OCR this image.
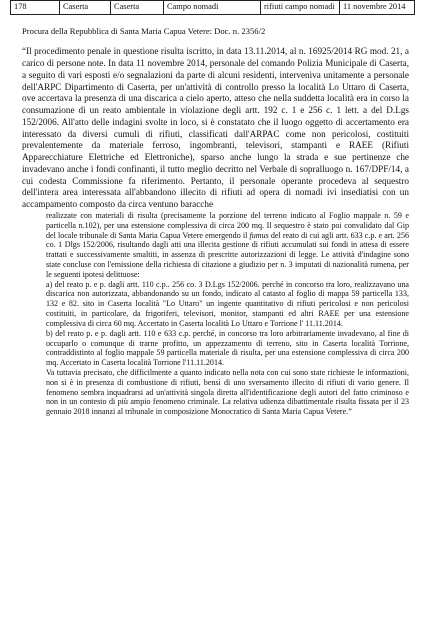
178	Caserta	Caserta	Campo nomadi	rifiuti campo nomadi	11 novembre 2014
Procura della Repubblica di Santa Maria Capua Vetere: Doc. n. 2356/2
“Il procedimento penale in questione risulta iscritto, in data 13.11.2014, al n. 16925/2014 RG mod. 21, a carico di persone note. In data 11 novembre 2014, personale del comando Polizia Municipale di Caserta, a seguito di vari esposti e/o segnalazioni da parte di alcuni residenti, interveniva unitamente a personale dell'ARPC Dipartimento di Caserta, per un'attività di controllo presso la località Lo Uttaro di Caserta, ove accertava la presenza di una discarica a cielo aperto, atteso che nella suddetta località era in corso la consumazione di un reato ambientale in violazione degli artt. 192 c. 1 e 256 c. 1 lett. a del D.Lgs 152/2006. All'atto delle indagini svolte in loco, si è constatato che il luogo oggetto di accertamento era interessato da diversi cumuli di rifiuti, classificati dall'ARPAC come non pericolosi, costituiti prevalentemente da materiale ferroso, ingombranti, televisori, stampanti e RAEE (Rifiuti Apparecchiature Elettriche ed Elettroniche), sparso anche lungo la strada e sue pertinenze che invadevano anche i fondi confinanti, il tutto meglio decritto nel Verbale di sopralluogo n. 167/DPF/14, a cui codesta Commissione fa riferimento. Pertanto, il personale operante procedeva al sequestro dell'intera area interessata all'abbandono illecito di rifiuti ad opera di nomadi ivi insediatisi con un accampamento composto da circa ventuno baracche

realizzate con materiali di risulta (precisamente la porzione del terreno indicato al Foglio mappale n. 59 e particella n.102), per una estensione complessiva di circa 200 mq. Il sequestro è stato poi convalidato dal Gip del locale tribunale di Santa Maria Capua Vetere emergendo il fumus del reato di cui agli artt. 633 c.p. e art. 256 co. 1 Dlgs 152/2006, risultando dagli atti una illecita gestione di rifiuti accumulati sui fondi in attesa di essere trattati e successivamente smaltiti, in assenza di prescritte autorizzazioni di legge. Le attività d'indagine sono state concluse con l'emissione della richiesta di citazione a giudizio per n. 3 imputati di nazionalità rumena, per le seguenti ipotesi delittuose:

a) del reato p. e p. dagli artt. 110 c.p.. 256 co. 3 D.Lgs 152/2006. perché in concorso tra loro, realizzavano una discarica non autorizzata, abbandonando su un fondo, indicato al catasto al foglio di mappa 59 particella 133, 132 e 82. sito in Caserta località "Lo Uttaro" un ingente quantitativo di rifiuti pericolosi e non pericolosi costituiti, in particolare, da frigoriferi, televisori, monitor, stampanti ed altri RAEE per una estensione complessiva di circa 60 mq. Accertato in Caserta località Lo Uttaro e Torrione l' 11.11.2014.

b) del reato p. e p. dagli artt. 110 e 633 c.p. perché, in concorso tra loro arbitrariamente invadevano, al fine di occuparlo o comunque di trarne profitto, un appezzamento di terreno, sito in Caserta località Torrione, contraddistinto al foglio mappale 59 particella materiale di risulta, per una estensione complessiva di circa 200 mq. Accertato in Caserta località Torrione l'11.11.2014.

Va tuttavia precisato, che difficilmente a quanto indicato nella nota con cui sono state richieste le informazioni, non si è in presenza di combustione di rifiuti, bensì di uno sversamento illecito di rifiuti di vario genere. Il fenomeno sembra inquadrarsi ad un'attività singola diretta all'identificazione degli autori del fatto criminoso e non in un contesto di più ampio fenomeno criminale. La relativa udienza dibattimentale risulta fissata per il 23 gennaio 2018 innanzi al tribunale in composizione Monocratico di Santa Maria Capua Vetere.”
